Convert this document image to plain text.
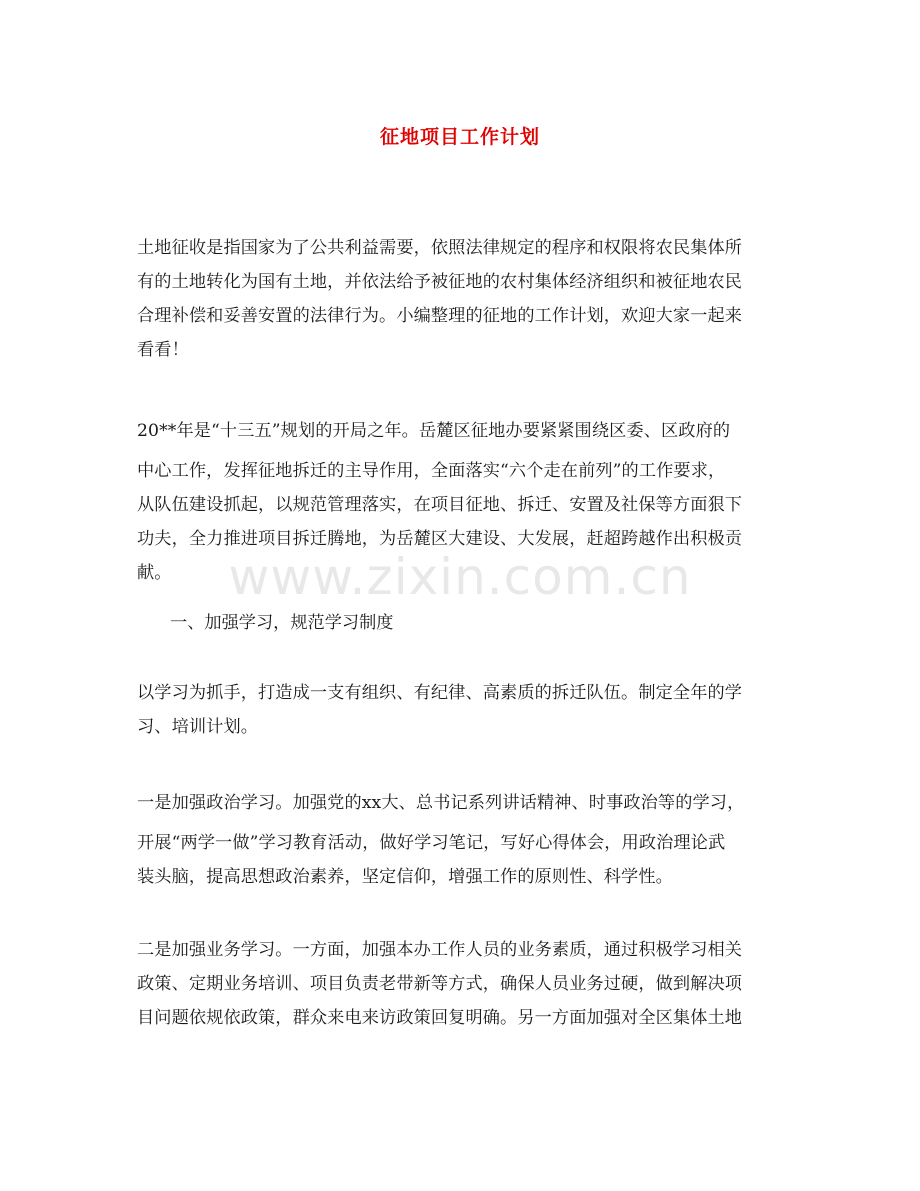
征地项目工作计划
土地征收是指国家为了公共利益需要，依照法律规定的程序和权限将农民集体所
有的土地转化为国有土地，并依法给予被征地的农村集体经济组织和被征地农民
合理补偿和妥善安置的法律行为。小编整理的征地的工作计划，欢迎大家一起来
看看！
20**年是“十三五”规划的开局之年。岳麓区征地办要紧紧围绕区委、区政府的
中心工作，发挥征地拆迁的主导作用，全面落实“六个走在前列”的工作要求，
从队伍建设抓起，以规范管理落实，在项目征地、拆迁、安置及社保等方面狠下
功夫，全力推进项目拆迁腾地，为岳麓区大建设、大发展，赶超跨越作出积极贡
献。

一、加强学习，规范学习制度

以学习为抓手，打造成一支有组织、有纪律、高素质的拆迁队伍。制定全年的学
习、培训计划。
一是加强政治学习。加强党的xx大、总书记系列讲话精神、时事政治等的学习，
开展“两学一做”学习教育活动，做好学习笔记，写好心得体会，用政治理论武
装头脑，提高思想政治素养，坚定信仰，增强工作的原则性、科学性。
二是加强业务学习。一方面，加强本办工作人员的业务素质，通过积极学习相关
政策、定期业务培训、项目负责老带新等方式，确保人员业务过硬，做到解决项
目问题依规依政策，群众来电来访政策回复明确。另一方面加强对全区集体土地

www.zixin.com.cn
